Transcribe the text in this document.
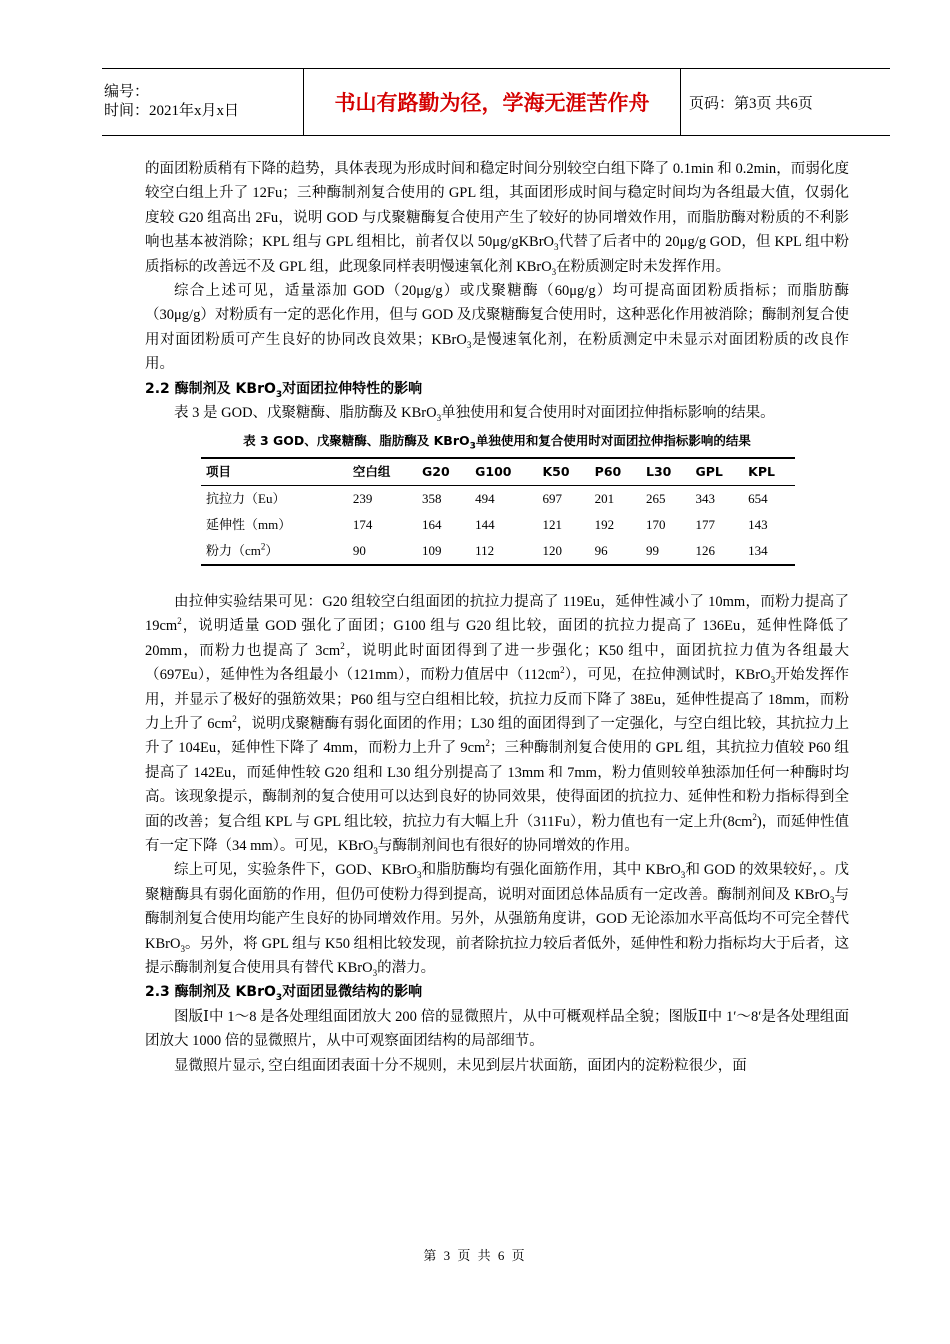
编号：
时间：2021年x月x日	书山有路勤为径，学海无涯苦作舟	页码：第3页 共6页

的面团粉质稍有下降的趋势，具体表现为形成时间和稳定时间分别较空白组下降了 0.1min 和 0.2min，而弱化度较空白组上升了 12Fu；三种酶制剂复合使用的 GPL 组，其面团形成时间与稳定时间均为各组最大值，仅弱化度较 G20 组高出 2Fu，说明 GOD 与戊聚糖酶复合使用产生了较好的协同增效作用，而脂肪酶对粉质的不利影响也基本被消除；KPL 组与 GPL 组相比，前者仅以 50μg/gKBrO$_3$代替了后者中的 20μg/g GOD，但 KPL 组中粉质指标的改善远不及 GPL 组，此现象同样表明慢速氧化剂 KBrO$_3$在粉质测定时未发挥作用。

综合上述可见，适量添加 GOD（20μg/g）或戊聚糖酶（60μg/g）均可提高面团粉质指标；而脂肪酶（30μg/g）对粉质有一定的恶化作用，但与 GOD 及戊聚糖酶复合使用时，这种恶化作用被消除；酶制剂复合使用对面团粉质可产生良好的协同改良效果；KBrO$_3$是慢速氧化剂，在粉质测定中未显示对面团粉质的改良作用。

2.2 酶制剂及 KBrO$_3$对面团拉伸特性的影响

表 3 是 GOD、戊聚糖酶、脂肪酶及 KBrO$_3$单独使用和复合使用时对面团拉伸指标影响的结果。

表 3 GOD、戊聚糖酶、脂肪酶及 KBrO$_3$单独使用和复合使用时对面团拉伸指标影响的结果
项目	空白组	G20	G100	K50	P60	L30	GPL	KPL
抗拉力（Eu）	239	358	494	697	201	265	343	654
延伸性（mm）	174	164	144	121	192	170	177	143
粉力$(cm^2)$	90	109	112	120	96	99	126	134

由拉伸实验结果可见：G20 组较空白组面团的抗拉力提高了 119Eu，延伸性减小了 10mm，而粉力提高了 $19cm^2$，说明适量 GOD 强化了面团；G100 组与 G20 组比较，面团的抗拉力提高了 136Eu，延伸性降低了 20mm，而粉力也提高了 $3cm^2$，说明此时面团得到了进一步强化；K50 组中，面团抗拉力值为各组最大（697Eu），延伸性为各组最小（121mm），而粉力值居中（112㎝$^2$），可见，在拉伸测试时，KBrO$_3$开始发挥作用，并显示了极好的强筋效果；P60 组与空白组相比较，抗拉力反而下降了 38Eu，延伸性提高了 18mm，而粉力上升了 $6cm^2$，说明戊聚糖酶有弱化面团的作用；L30 组的面团得到了一定强化，与空白组比较，其抗拉力上升了 104Eu，延伸性下降了 4mm，而粉力上升了 $9cm^2$；三种酶制剂复合使用的 GPL 组，其抗拉力值较 P60 组提高了 142Eu，而延伸性较 G20 组和 L30 组分别提高了 13mm 和 7mm，粉力值则较单独添加任何一种酶时均高。该现象提示，酶制剂的复合使用可以达到良好的协同效果，使得面团的抗拉力、延伸性和粉力指标得到全面的改善；复合组 KPL 与 GPL 组比较，抗拉力有大幅上升（311Fu），粉力值也有一定上升$(8cm^2)$，而延伸性值有一定下降（34 mm）。可见，KBrO$_3$与酶制剂间也有很好的协同增效的作用。

综上可见，实验条件下，GOD、KBrO$_3$和脂肪酶均有强化面筋作用，其中 KBrO$_3$和 GOD 的效果较好，。戊聚糖酶具有弱化面筋的作用，但仍可使粉力得到提高，说明对面团总体品质有一定改善。酶制剂间及 KBrO$_3$与酶制剂复合使用均能产生良好的协同增效作用。另外，从强筋角度讲，GOD 无论添加水平高低均不可完全替代 KBrO$_3$。另外，将 GPL 组与 K50 组相比较发现，前者除抗拉力较后者低外，延伸性和粉力指标均大于后者，这提示酶制剂复合使用具有替代 KBrO$_3$的潜力。

2.3 酶制剂及 KBrO$_3$对面团显微结构的影响

图版Ⅰ中 1～8 是各处理组面团放大 200 倍的显微照片，从中可概观样品全貌；图版Ⅱ中 1′～8′是各处理组面团放大 1000 倍的显微照片，从中可观察面团结构的局部细节。

显微照片显示, 空白组面团表面十分不规则，未见到层片状面筋，面团内的淀粉粒很少，面

第 3 页 共 6 页
